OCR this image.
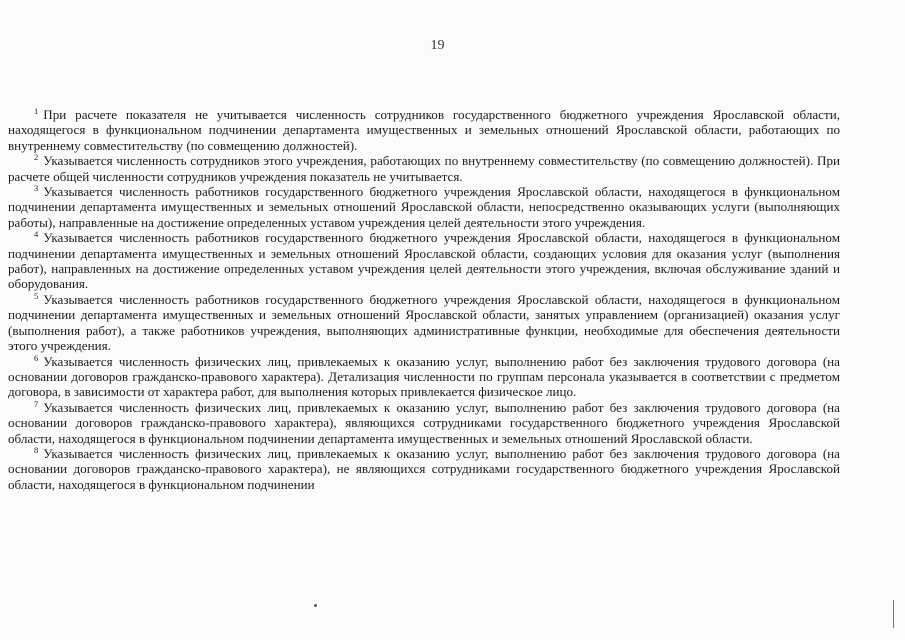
19

$^1$ При расчете показателя не учитывается численность сотрудников государственного бюджетного учреждения Ярославской области, находящегося в функциональном подчинении департамента имущественных и земельных отношений Ярославской области, работающих по внутреннему совместительству (по совмещению должностей).

$^2$ Указывается численность сотрудников этого учреждения, работающих по внутреннему совместительству (по совмещению должностей). При расчете общей численности сотрудников учреждения показатель не учитывается.

$^3$ Указывается численность работников государственного бюджетного учреждения Ярославской области, находящегося в функциональном подчинении департамента имущественных и земельных отношений Ярославской области, непосредственно оказывающих услуги (выполняющих работы), направленные на достижение определенных уставом учреждения целей деятельности этого учреждения.

$^4$ Указывается численность работников государственного бюджетного учреждения Ярославской области, находящегося в функциональном подчинении департамента имущественных и земельных отношений Ярославской области, создающих условия для оказания услуг (выполнения работ), направленных на достижение определенных уставом учреждения целей деятельности этого учреждения, включая обслуживание зданий и оборудования.

$^5$ Указывается численность работников государственного бюджетного учреждения Ярославской области, находящегося в функциональном подчинении департамента имущественных и земельных отношений Ярославской области, занятых управлением (организацией) оказания услуг (выполнения работ), а также работников учреждения, выполняющих административные функции, необходимые для обеспечения деятельности этого учреждения.

$^6$ Указывается численность физических лиц, привлекаемых к оказанию услуг, выполнению работ без заключения трудового договора (на основании договоров гражданско-правового характера). Детализация численности по группам персонала указывается в соответствии с предметом договора, в зависимости от характера работ, для выполнения которых привлекается физическое лицо.

$^7$ Указывается численность физических лиц, привлекаемых к оказанию услуг, выполнению работ без заключения трудового договора (на основании договоров гражданско-правового характера), являющихся сотрудниками государственного бюджетного учреждения Ярославской области, находящегося в функциональном подчинении департамента имущественных и земельных отношений Ярославской области.

$^8$ Указывается численность физических лиц, привлекаемых к оказанию услуг, выполнению работ без заключения трудового договора (на основании договоров гражданско-правового характера), не являющихся сотрудниками государственного бюджетного учреждения Ярославской области, находящегося в функциональном подчинении
